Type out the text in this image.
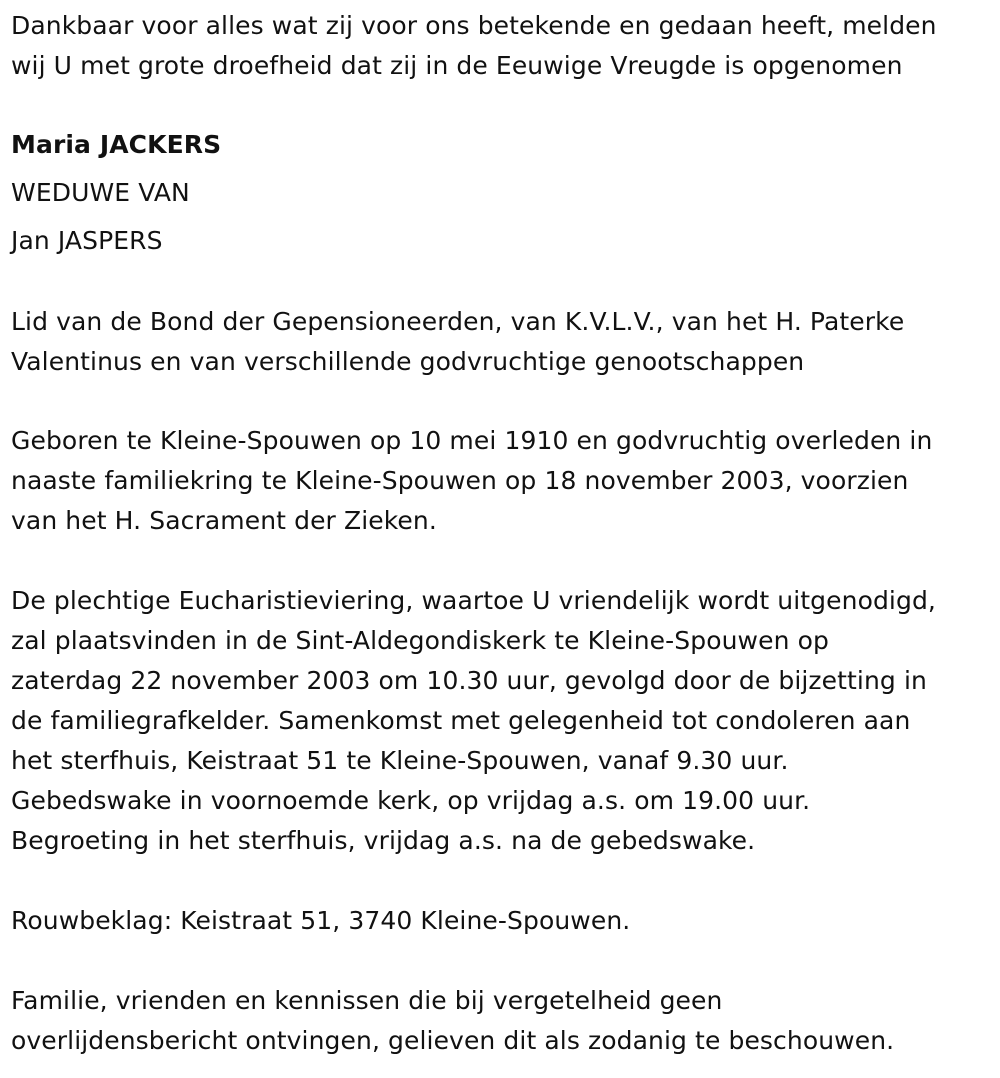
Dankbaar voor alles wat zij voor ons betekende en gedaan heeft, melden
wij U met grote droefheid dat zij in de Eeuwige Vreugde is opgenomen
Maria JACKERS
WEDUWE VAN
Jan JASPERS
Lid van de Bond der Gepensioneerden, van K.V.L.V., van het H. Paterke
Valentinus en van verschillende godvruchtige genootschappen
Geboren te Kleine-Spouwen op 10 mei 1910 en godvruchtig overleden in
naaste familiekring te Kleine-Spouwen op 18 november 2003, voorzien
van het H. Sacrament der Zieken.
De plechtige Eucharistieviering, waartoe U vriendelijk wordt uitgenodigd,
zal plaatsvinden in de Sint-Aldegondiskerk te Kleine-Spouwen op
zaterdag 22 november 2003 om 10.30 uur, gevolgd door de bijzetting in
de familiegrafkelder. Samenkomst met gelegenheid tot condoleren aan
het sterfhuis, Keistraat 51 te Kleine-Spouwen, vanaf 9.30 uur.
Gebedswake in voornoemde kerk, op vrijdag a.s. om 19.00 uur.
Begroeting in het sterfhuis, vrijdag a.s. na de gebedswake.
Rouwbeklag: Keistraat 51, 3740 Kleine-Spouwen.
Familie, vrienden en kennissen die bij vergetelheid geen
overlijdensbericht ontvingen, gelieven dit als zodanig te beschouwen.
